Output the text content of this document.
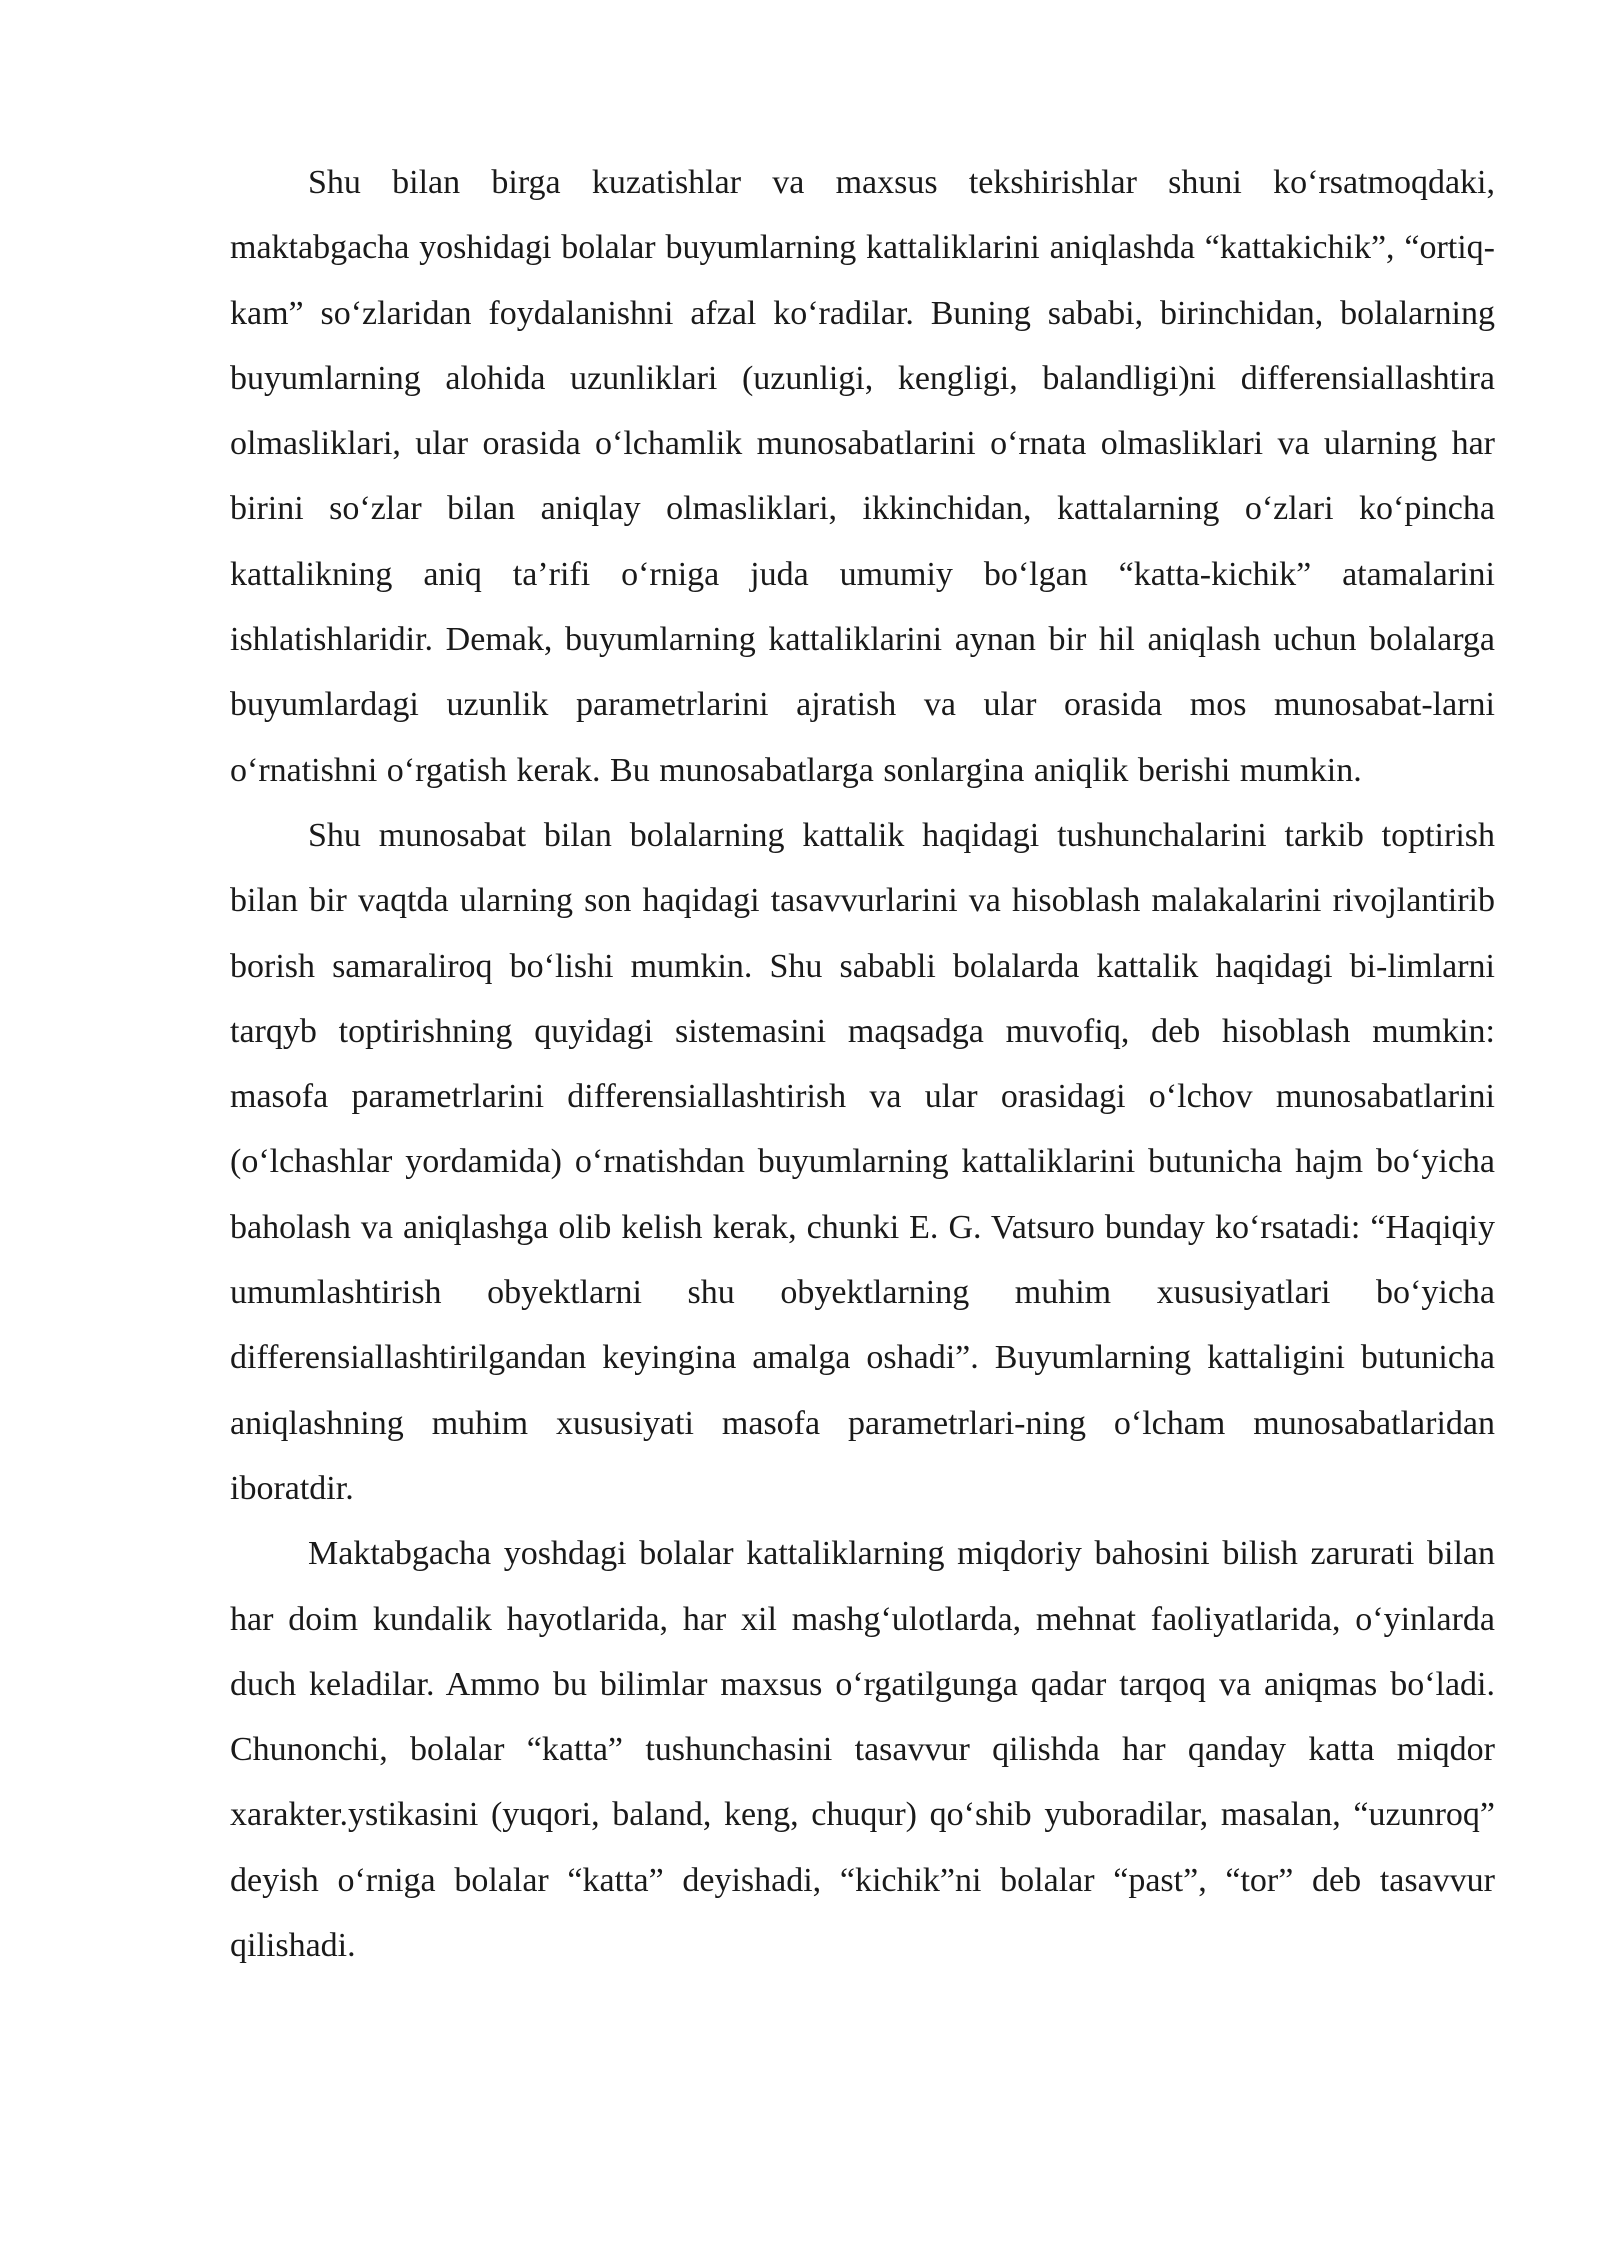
Shu bilan birga kuzatishlar va maxsus tekshirishlar shuni koʻrsatmoqdaki, maktabgacha yoshidagi bolalar buyumlarning kattaliklarini aniqlashda “kattakichik”, “ortiq-kam” soʻzlaridan foydalanishni afzal koʻradilar. Buning sababi, birinchidan, bolalarning buyumlarning alohida uzunliklari (uzunligi, kengligi, balandligi)ni differensiallashtira olmasliklari, ular orasida oʻlchamlik munosabatlarini oʻrnata olmasliklari va ularning har birini soʻzlar bilan aniqlay olmasliklari, ikkinchidan, kattalarning oʻzlari koʻpincha kattalikning aniq ta’rifi oʻrniga juda umumiy boʻlgan “katta-kichik” atamalarini ishlatishlaridir. Demak, buyumlarning kattaliklarini aynan bir hil aniqlash uchun bolalarga buyumlardagi uzunlik parametrlarini ajratish va ular orasida mos munosabat-larni oʻrnatishni oʻrgatish kerak. Bu munosabatlarga sonlargina aniqlik berishi mumkin.

Shu munosabat bilan bolalarning kattalik haqidagi tushunchalarini tarkib toptirish bilan bir vaqtda ularning son haqidagi tasavvurlarini va hisoblash malakalarini rivojlantirib borish samaraliroq boʻlishi mumkin. Shu sababli bolalarda kattalik haqidagi bi-limlarni tarqyb toptirishning quyidagi sistemasini maqsadga muvofiq, deb hisoblash mumkin: masofa parametrlarini differensiallashtirish va ular orasidagi oʻlchov munosabatlarini (oʻlchashlar yordamida) oʻrnatishdan buyumlarning kattaliklarini butunicha hajm boʻyicha baholash va aniqlashga olib kelish kerak, chunki E. G. Vatsuro bunday koʻrsatadi: “Haqiqiy umumlashtirish obyektlarni shu obyektlarning muhim xususiyatlari boʻyicha differensiallashtirilgandan keyingina amalga oshadi”. Buyumlarning kattaligini butunicha aniqlashning muhim xususiyati masofa parametrlari-ning oʻlcham munosabatlaridan iboratdir.

Maktabgacha yoshdagi bolalar kattaliklarning miqdoriy bahosini bilish zarurati bilan har doim kundalik hayotlarida, har xil mashgʻulotlarda, mehnat faoliyatlarida, oʻyinlarda duch keladilar. Ammo bu bilimlar maxsus oʻrgatilgunga qadar tarqoq va aniqmas boʻladi. Chunonchi, bolalar “katta” tushunchasini tasavvur qilishda har qanday katta miqdor xarakter.ystikasini (yuqori, baland, keng, chuqur) qoʻshib yuboradilar, masalan, “uzunroq” deyish oʻrniga bolalar “katta” deyishadi, “kichik”ni bolalar “past”, “tor” deb tasavvur qilishadi.
